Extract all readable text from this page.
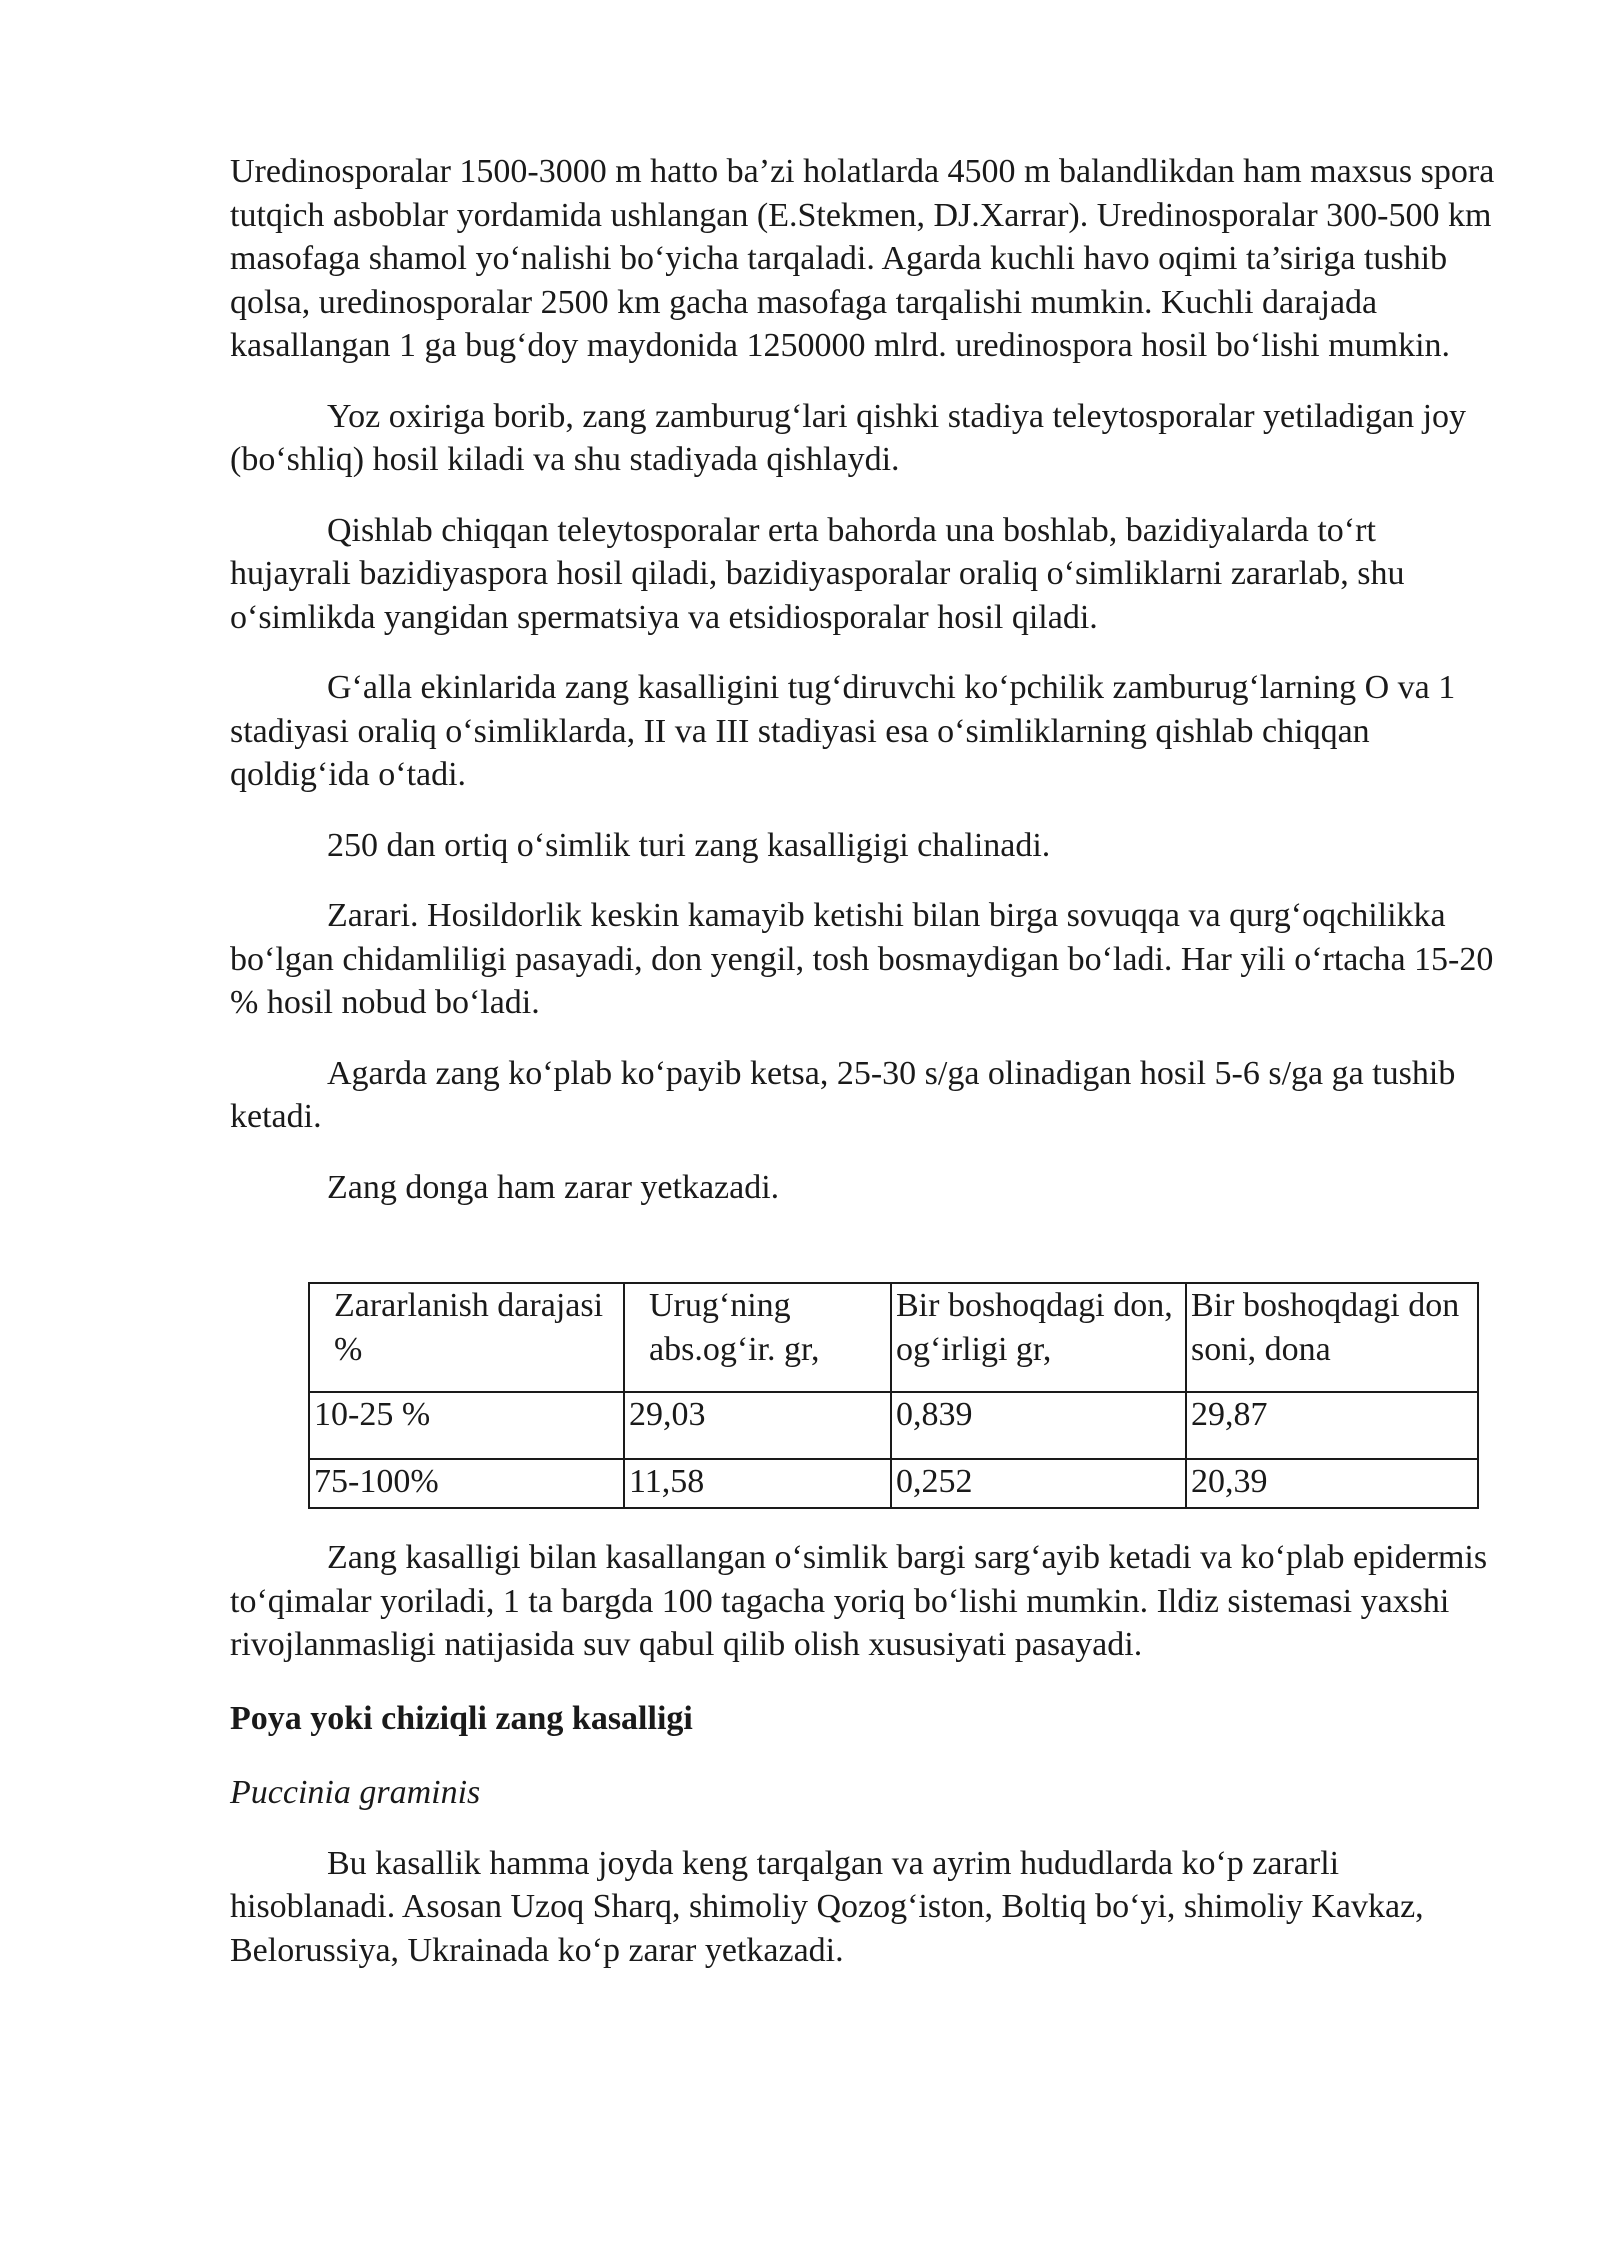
Uredinosporalar 1500-3000 m hatto ba’zi holatlarda 4500 m balandlikdan ham maxsus spora tutqich asboblar yordamida ushlangan (E.Stekmen, DJ.Xarrar). Uredinosporalar 300-500 km masofaga shamol yo‘nalishi bo‘yicha tarqaladi. Agarda kuchli havo oqimi ta’siriga tushib qolsa, uredinosporalar 2500 km gacha masofaga tarqalishi mumkin. Kuchli darajada kasallangan 1 ga bug‘doy maydonida 1250000 mlrd. uredinospora hosil bo‘lishi mumkin.

Yoz oxiriga borib, zang zamburug‘lari qishki stadiya teleytosporalar yetiladigan joy (bo‘shliq) hosil kiladi va shu stadiyada qishlaydi.

Qishlab chiqqan teleytosporalar erta bahorda una boshlab, bazidiyalarda to‘rt hujayrali bazidiyaspora hosil qiladi, bazidiyasporalar oraliq o‘simliklarni zararlab, shu o‘simlikda yangidan spermatsiya va etsidiosporalar hosil qiladi.

G‘alla ekinlarida zang kasalligini tug‘diruvchi ko‘pchilik zamburug‘larning O va 1 stadiyasi oraliq o‘simliklarda, II va III stadiyasi esa o‘simliklarning qishlab chiqqan qoldig‘ida o‘tadi.

250 dan ortiq o‘simlik turi zang kasalligigi chalinadi.

Zarari. Hosildorlik keskin kamayib ketishi bilan birga sovuqqa va qurg‘oqchilikka bo‘lgan chidamliligi pasayadi, don yengil, tosh bosmaydigan bo‘ladi. Har yili o‘rtacha 15-20 % hosil nobud bo‘ladi.

Agarda zang ko‘plab ko‘payib ketsa, 25-30 s/ga olinadigan hosil 5-6 s/ga ga tushib ketadi.

Zang donga ham zarar yetkazadi.

Zararlanish darajasi %	Urug‘ning abs.og‘ir. gr,	Bir boshoqdagi don, og‘irligi gr,	Bir boshoqdagi don soni, dona
10-25 %	29,03	0,839	29,87
75-100%	11,58	0,252	20,39

Zang kasalligi bilan kasallangan o‘simlik bargi sarg‘ayib ketadi va ko‘plab epidermis to‘qimalar yoriladi, 1 ta bargda 100 tagacha yoriq bo‘lishi mumkin. Ildiz sistemasi yaxshi rivojlanmasligi natijasida suv qabul qilib olish xususiyati pasayadi.

Poya yoki chiziqli zang kasalligi

Puccinia graminis

Bu kasallik hamma joyda keng tarqalgan va ayrim hududlarda ko‘p zararli hisoblanadi. Asosan Uzoq Sharq, shimoliy Qozog‘iston, Boltiq bo‘yi, shimoliy Kavkaz, Belorussiya, Ukrainada ko‘p zarar yetkazadi.
